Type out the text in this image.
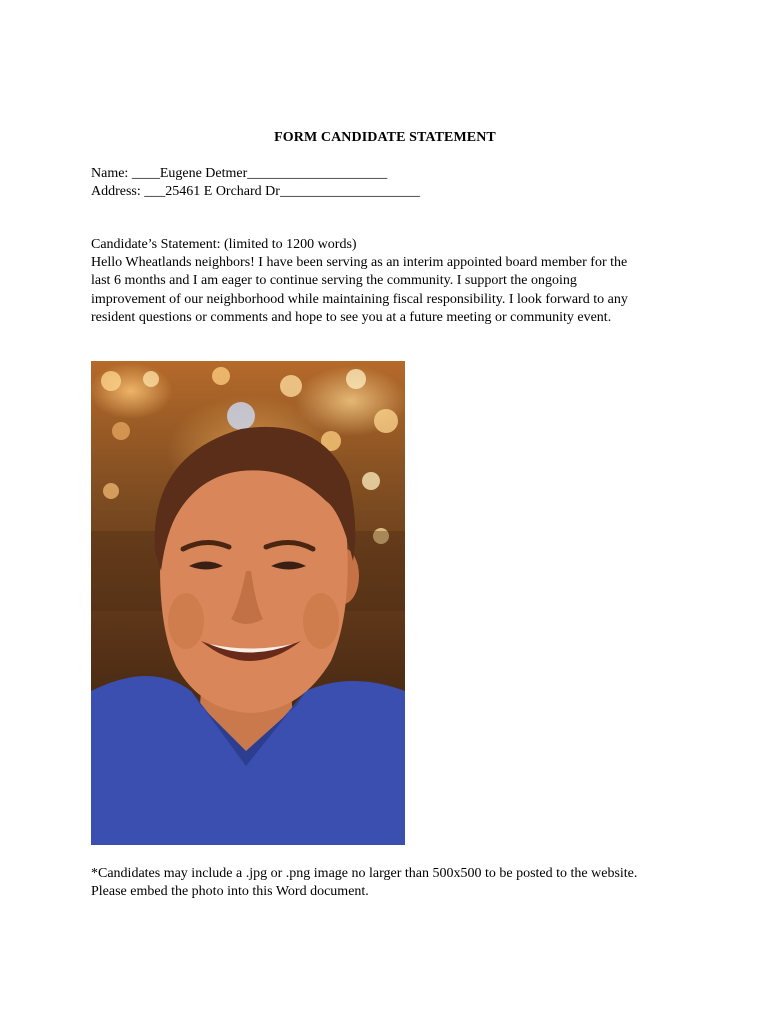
FORM CANDIDATE STATEMENT
Name: ____Eugene Detmer____________________
Address: ___25461 E Orchard Dr____________________

Candidate’s Statement: (limited to 1200 words)

Hello Wheatlands neighbors! I have been serving as an interim appointed board member for the

last 6 months and I am eager to continue serving the community. I support the ongoing

improvement of our neighborhood while maintaining fiscal responsibility. I look forward to any

resident questions or comments and hope to see you at a future meeting or community event.

*Candidates may include a .jpg or .png image no larger than 500x500 to be posted to the website.

Please embed the photo into this Word document.
